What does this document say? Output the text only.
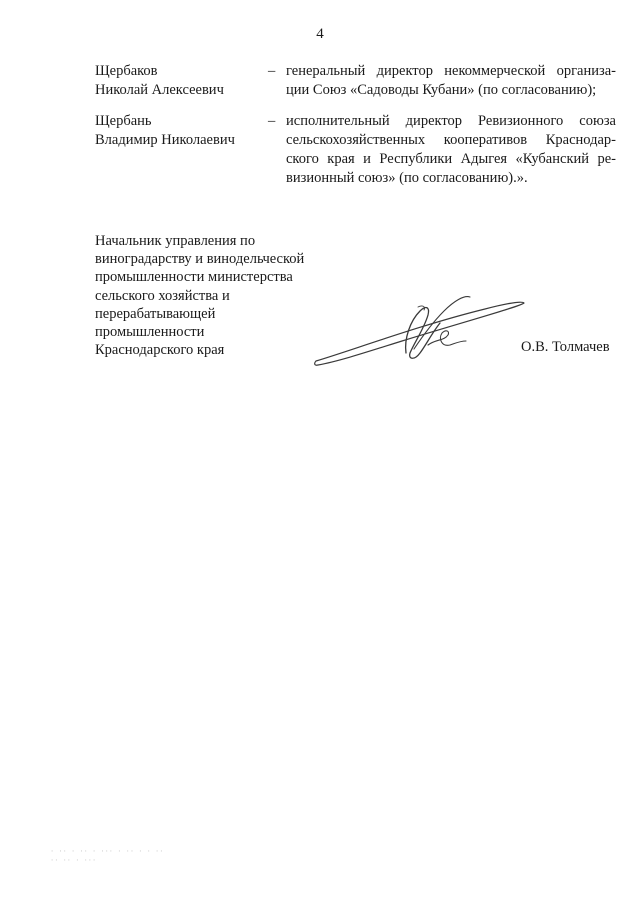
4
Щербаков
Николай Алексеевич
– генеральный директор некоммерческой организа-
ции Союз «Садоводы Кубани» (по согласованию);
Щербань
Владимир Николаевич
– исполнительный директор Ревизионного союза
сельскохозяйственных кооперативов Краснодар-
ского края и Республики Адыгея «Кубанский ре-
визионный союз» (по согласованию).».
Начальник управления по
виноградарству и винодельческой
промышленности министерства
сельского хозяйства и
перерабатывающей
промышленности
Краснодарского края	О.В. Толмачев
· ·· · ·· · ··· · ·· · · ··
·· ·· · ···
